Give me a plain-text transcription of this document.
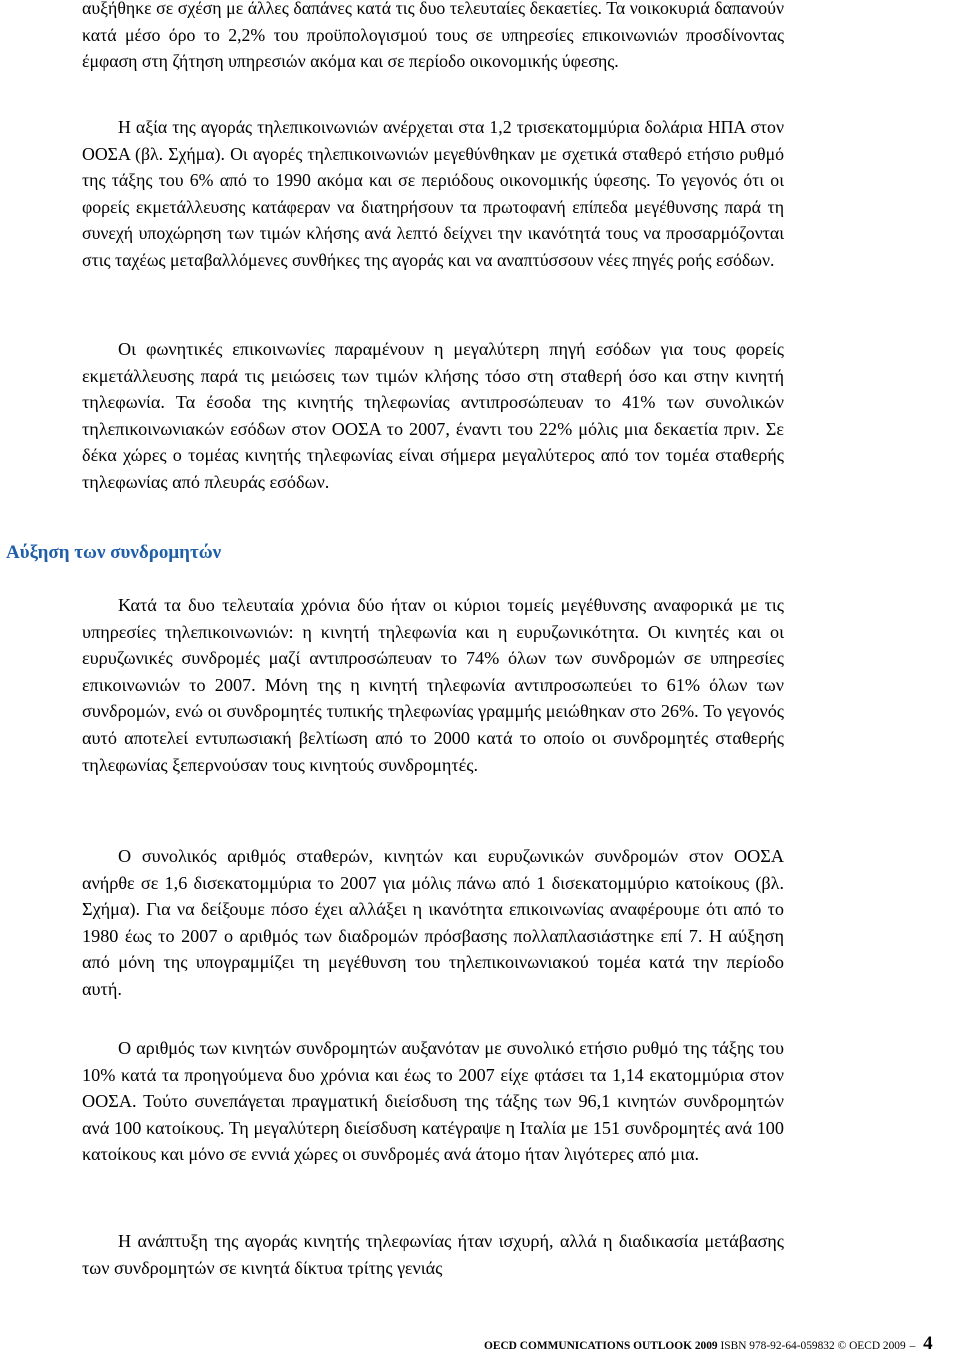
αυξήθηκε σε σχέση με άλλες δαπάνες κατά τις δυο τελευταίες δεκαετίες. Τα νοικοκυριά δαπανούν κατά μέσο όρο το 2,2% του προϋπολογισμού τους σε υπηρεσίες επικοινωνιών προσδίνοντας έμφαση στη ζήτηση υπηρεσιών ακόμα και σε περίοδο οικονομικής ύφεσης.

Η αξία της αγοράς τηλεπικοινωνιών ανέρχεται στα 1,2 τρισεκατομμύρια δολάρια ΗΠΑ στον ΟΟΣΑ (βλ. Σχήμα). Οι αγορές τηλεπικοινωνιών μεγεθύνθηκαν με σχετικά σταθερό ετήσιο ρυθμό της τάξης του 6% από το 1990 ακόμα και σε περιόδους οικονομικής ύφεσης. Το γεγονός ότι οι φορείς εκμετάλλευσης κατάφεραν να διατηρήσουν τα πρωτοφανή επίπεδα μεγέθυνσης παρά τη συνεχή υποχώρηση των τιμών κλήσης ανά λεπτό δείχνει την ικανότητά τους να προσαρμόζονται στις ταχέως μεταβαλλόμενες συνθήκες της αγοράς και να αναπτύσσουν νέες πηγές ροής εσόδων.

Οι φωνητικές επικοινωνίες παραμένουν η μεγαλύτερη πηγή εσόδων για τους φορείς εκμετάλλευσης παρά τις μειώσεις των τιμών κλήσης τόσο στη σταθερή όσο και στην κινητή τηλεφωνία. Τα έσοδα της κινητής τηλεφωνίας αντιπροσώπευαν το 41% των συνολικών τηλεπικοινωνιακών εσόδων στον ΟΟΣΑ το 2007, έναντι του 22% μόλις μια δεκαετία πριν. Σε δέκα χώρες ο τομέας κινητής τηλεφωνίας είναι σήμερα μεγαλύτερος από τον τομέα σταθερής τηλεφωνίας από πλευράς εσόδων.

Αύξηση των συνδρομητών

Κατά τα δυο τελευταία χρόνια δύο ήταν οι κύριοι τομείς μεγέθυνσης αναφορικά με τις υπηρεσίες τηλεπικοινωνιών: η κινητή τηλεφωνία και η ευρυζωνικότητα. Οι κινητές και οι ευρυζωνικές συνδρομές μαζί αντιπροσώπευαν το 74% όλων των συνδρομών σε υπηρεσίες επικοινωνιών το 2007. Μόνη της η κινητή τηλεφωνία αντιπροσωπεύει το 61% όλων των συνδρομών, ενώ οι συνδρομητές τυπικής τηλεφωνίας γραμμής μειώθηκαν στο 26%. Το γεγονός αυτό αποτελεί εντυπωσιακή βελτίωση από το 2000 κατά το οποίο οι συνδρομητές σταθερής τηλεφωνίας ξεπερνούσαν τους κινητούς συνδρομητές.

Ο συνολικός αριθμός σταθερών, κινητών και ευρυζωνικών συνδρομών στον ΟΟΣΑ ανήρθε σε 1,6 δισεκατομμύρια το 2007 για μόλις πάνω από 1 δισεκατομμύριο κατοίκους (βλ. Σχήμα). Για να δείξουμε πόσο έχει αλλάξει η ικανότητα επικοινωνίας αναφέρουμε ότι από το 1980 έως το 2007 ο αριθμός των διαδρομών πρόσβασης πολλαπλασιάστηκε επί 7. Η αύξηση από μόνη της υπογραμμίζει τη μεγέθυνση του τηλεπικοινωνιακού τομέα κατά την περίοδο αυτή.

Ο αριθμός των κινητών συνδρομητών αυξανόταν με συνολικό ετήσιο ρυθμό της τάξης του 10% κατά τα προηγούμενα δυο χρόνια και έως το 2007 είχε φτάσει τα 1,14 εκατομμύρια στον ΟΟΣΑ. Τούτο συνεπάγεται πραγματική διείσδυση της τάξης των 96,1 κινητών συνδρομητών ανά 100 κατοίκους. Τη μεγαλύτερη διείσδυση κατέγραψε η Ιταλία με 151 συνδρομητές ανά 100 κατοίκους και μόνο σε εννιά χώρες οι συνδρομές ανά άτομο ήταν λιγότερες από μια.

Η ανάπτυξη της αγοράς κινητής τηλεφωνίας ήταν ισχυρή, αλλά η διαδικασία μετάβασης των συνδρομητών σε κινητά δίκτυα τρίτης γενιάς

OECD COMMUNICATIONS OUTLOOK 2009 ISBN 978-92-64-059832 © OECD 2009 – 4
